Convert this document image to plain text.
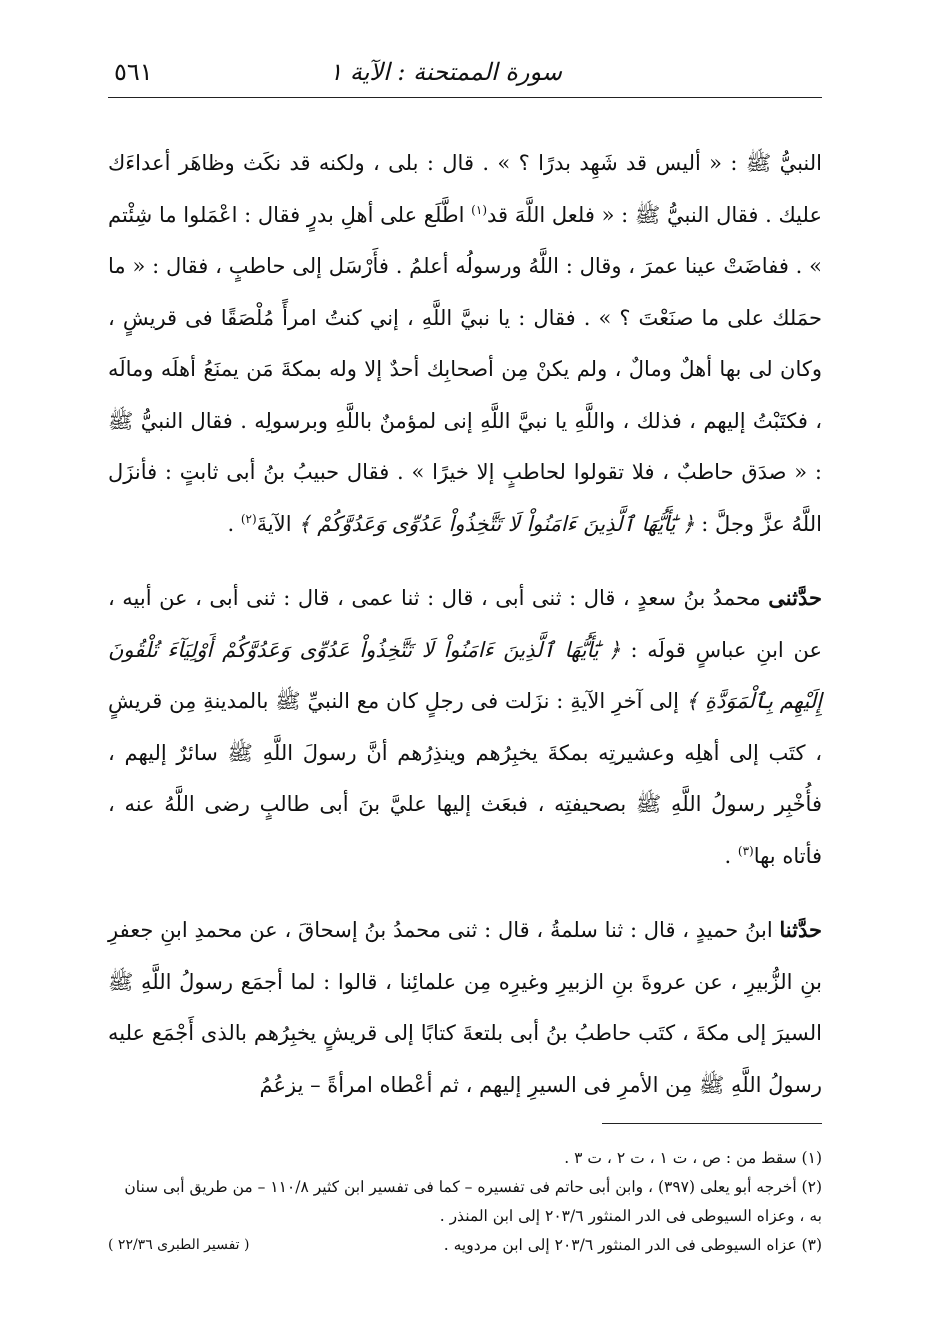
سورة الممتحنة : الآية ١
٥٦١

النبيُّ ﷺ : « أليس قد شَهِد بدرًا ؟ » . قال : بلى ، ولكنه قد نكَث وظاهَر أعداءَك عليك . فقال النبيُّ ﷺ : « فلعل اللَّهَ قد$^{(١)}$ اطَّلَع على أهلِ بدرٍ فقال : اعْمَلوا ما شِئْتم » . ففاضَتْ عينا عمرَ ، وقال : اللَّهُ ورسولُه أعلمُ . فأَرْسَل إلى حاطبٍ ، فقال : « ما حمَلك على ما صنَعْتَ ؟ » . فقال : يا نبيَّ اللَّهِ ، إني كنتُ امرأً مُلْصَقًا فى قريشٍ ، وكان لى بها أهلٌ ومالٌ ، ولم يكنْ مِن أصحابِك أحدٌ إلا وله بمكةَ مَن يمنَعُ أهلَه ومالَه ، فكتَبْتُ إليهم ، فذلك ، واللَّهِ يا نبيَّ اللَّهِ إنى لمؤمنٌ باللَّهِ وبرسولِه . فقال النبيُّ ﷺ : « صدَق حاطبٌ ، فلا تقولوا لحاطبٍ إلا خيرًا » . فقال حبيبُ بنُ أبى ثابتٍ : فأنزَل اللَّهُ عزَّ وجلَّ : ﴿ يَٰٓأَيُّهَا ٱلَّذِينَ ءَامَنُواْ لَا تَتَّخِذُواْ عَدُوِّى وَعَدُوَّكُمْ ﴾ الآيةَ$^{(٢)}$ .

حدَّثنى محمدُ بنُ سعدٍ ، قال : ثنى أبى ، قال : ثنا عمى ، قال : ثنى أبى ، عن أبيه ، عن ابنِ عباسٍ قولَه : ﴿ يَٰٓأَيُّهَا ٱلَّذِينَ ءَامَنُواْ لَا تَتَّخِذُواْ عَدُوِّى وَعَدُوَّكُمْ أَوْلِيَآءَ تُلْقُونَ إِلَيْهِم بِٱلْمَوَدَّةِ ﴾ إلى آخرِ الآيةِ : نزَلت فى رجلٍ كان مع النبيِّ ﷺ بالمدينةِ مِن قريشٍ ، كتَب إلى أهلِه وعشيرتِه بمكةَ يخبِرُهم وينذِرُهم أنَّ رسولَ اللَّهِ ﷺ سائرٌ إليهم ، فأُخْبِر رسولُ اللَّهِ ﷺ بصحيفتِه ، فبعَث إليها عليَّ بنَ أبى طالبٍ رضى اللَّهُ عنه ، فأتاه بها$^{(٣)}$ .

حدَّثنا ابنُ حميدٍ ، قال : ثنا سلمةُ ، قال : ثنى محمدُ بنُ إسحاقَ ، عن محمدِ ابنِ جعفرِ بنِ الزُّبيرِ ، عن عروةَ بنِ الزبيرِ وغيرِه مِن علمائِنا ، قالوا : لما أجمَع رسولُ اللَّهِ ﷺ السيرَ إلى مكةَ ، كتَب حاطبُ بنُ أبى بلتعةَ كتابًا إلى قريشٍ يخبِرُهم بالذى أَجْمَع عليه رسولُ اللَّهِ ﷺ مِن الأمرِ فى السيرِ إليهم ، ثم أعْطاه امرأةً – يزعُمُ

(١) سقط من : ص ، ت ١ ، ت ٢ ، ت ٣ .

(٢) أخرجه أبو يعلى (٣٩٧) ، وابن أبى حاتم فى تفسيره – كما فى تفسير ابن كثير ١١٠/٨ – من طريق أبى سنان به ، وعزاه السيوطى فى الدر المنثور ٢٠٣/٦ إلى ابن المنذر .

(٣) عزاه السيوطى فى الدر المنثور ٢٠٣/٦ إلى ابن مردويه .
( تفسير الطبرى ٢٢/٣٦ )
